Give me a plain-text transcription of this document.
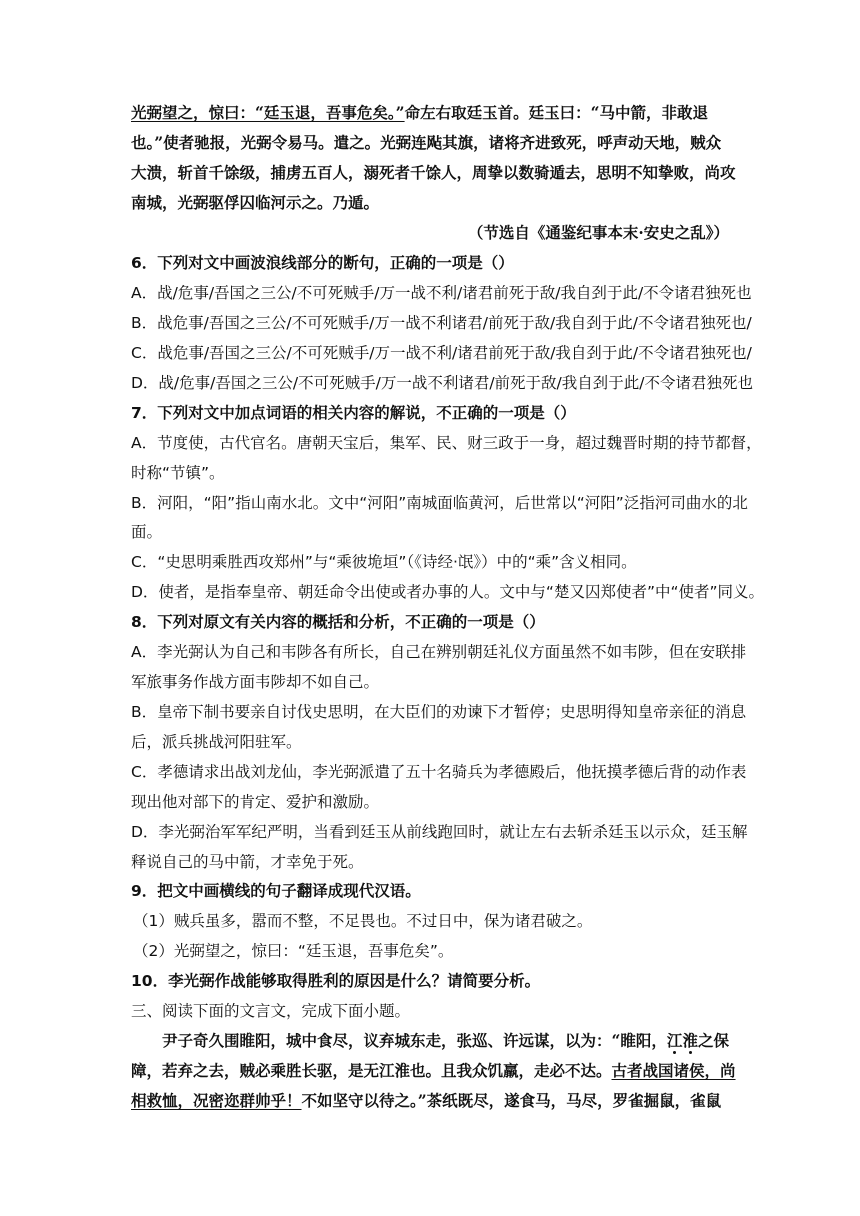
光弼望之，惊曰：“廷玉退，吾事危矣。”命左右取廷玉首。廷玉曰：“马中箭，非敢退
也。”使者驰报，光弼令易马。遣之。光弼连飐其旗，诸将齐进致死，呼声动天地，贼众
大溃，斩首千馀级，捕虏五百人，溺死者千馀人，周挚以数骑遁去，思明不知挚败，尚攻
南城，光弼驱俘囚临河示之。乃遁。
（节选自《通鉴纪事本末·安史之乱》）
6．下列对文中画波浪线部分的断句，正确的一项是（）
A．战/危事/吾国之三公/不可死贼手/万一战不利/诸君前死于敌/我自刭于此/不令诸君独死也
B．战危事/吾国之三公/不可死贼手/万一战不利诸君/前死于敌/我自刭于此/不令诸君独死也/
C．战危事/吾国之三公/不可死贼手/万一战不利/诸君前死于敌/我自刭于此/不令诸君独死也/
D．战/危事/吾国之三公/不可死贼手/万一战不利诸君/前死于敌/我自刭于此/不令诸君独死也
7．下列对文中加点词语的相关内容的解说，不正确的一项是（）
A．节度使，古代官名。唐朝天宝后，集军、民、财三政于一身，超过魏晋时期的持节都督，
时称“节镇”。
B．河阳，“阳”指山南水北。文中“河阳”南城面临黄河，后世常以“河阳”泛指河司曲水的北
面。
C．“史思明乘胜西攻郑州”与“乘彼垝垣”（《诗经·氓》）中的“乘”含义相同。
D．使者，是指奉皇帝、朝廷命令出使或者办事的人。文中与“楚又囚郑使者”中“使者”同义。
8．下列对原文有关内容的概括和分析，不正确的一项是（）
A．李光弼认为自己和韦陟各有所长，自己在辨别朝廷礼仪方面虽然不如韦陟，但在安联排
军旅事务作战方面韦陟却不如自己。
B．皇帝下制书要亲自讨伐史思明，在大臣们的劝谏下才暂停；史思明得知皇帝亲征的消息
后，派兵挑战河阳驻军。
C．孝德请求出战刘龙仙，李光弼派遣了五十名骑兵为孝德殿后，他抚摸孝德后背的动作表
现出他对部下的肯定、爱护和激励。
D．李光弼治军军纪严明，当看到廷玉从前线跑回时，就让左右去斩杀廷玉以示众，廷玉解
释说自己的马中箭，才幸免于死。
9．把文中画横线的句子翻译成现代汉语。
（1）贼兵虽多，嚣而不整，不足畏也。不过日中，保为诸君破之。
（2）光弼望之，惊曰：“廷玉退，吾事危矣”。
10．李光弼作战能够取得胜利的原因是什么？请简要分析。
三、阅读下面的文言文，完成下面小题。
尹子奇久围睢阳，城中食尽，议弃城东走，张巡、许远谋，以为：“睢阳，江淮之保
障，若弃之去，贼必乘胜长驱，是无江淮也。且我众饥羸，走必不达。古者战国诸侯，尚
相救恤，况密迩群帅乎！不如坚守以待之。”茶纸既尽，遂食马，马尽，罗雀掘鼠，雀鼠
